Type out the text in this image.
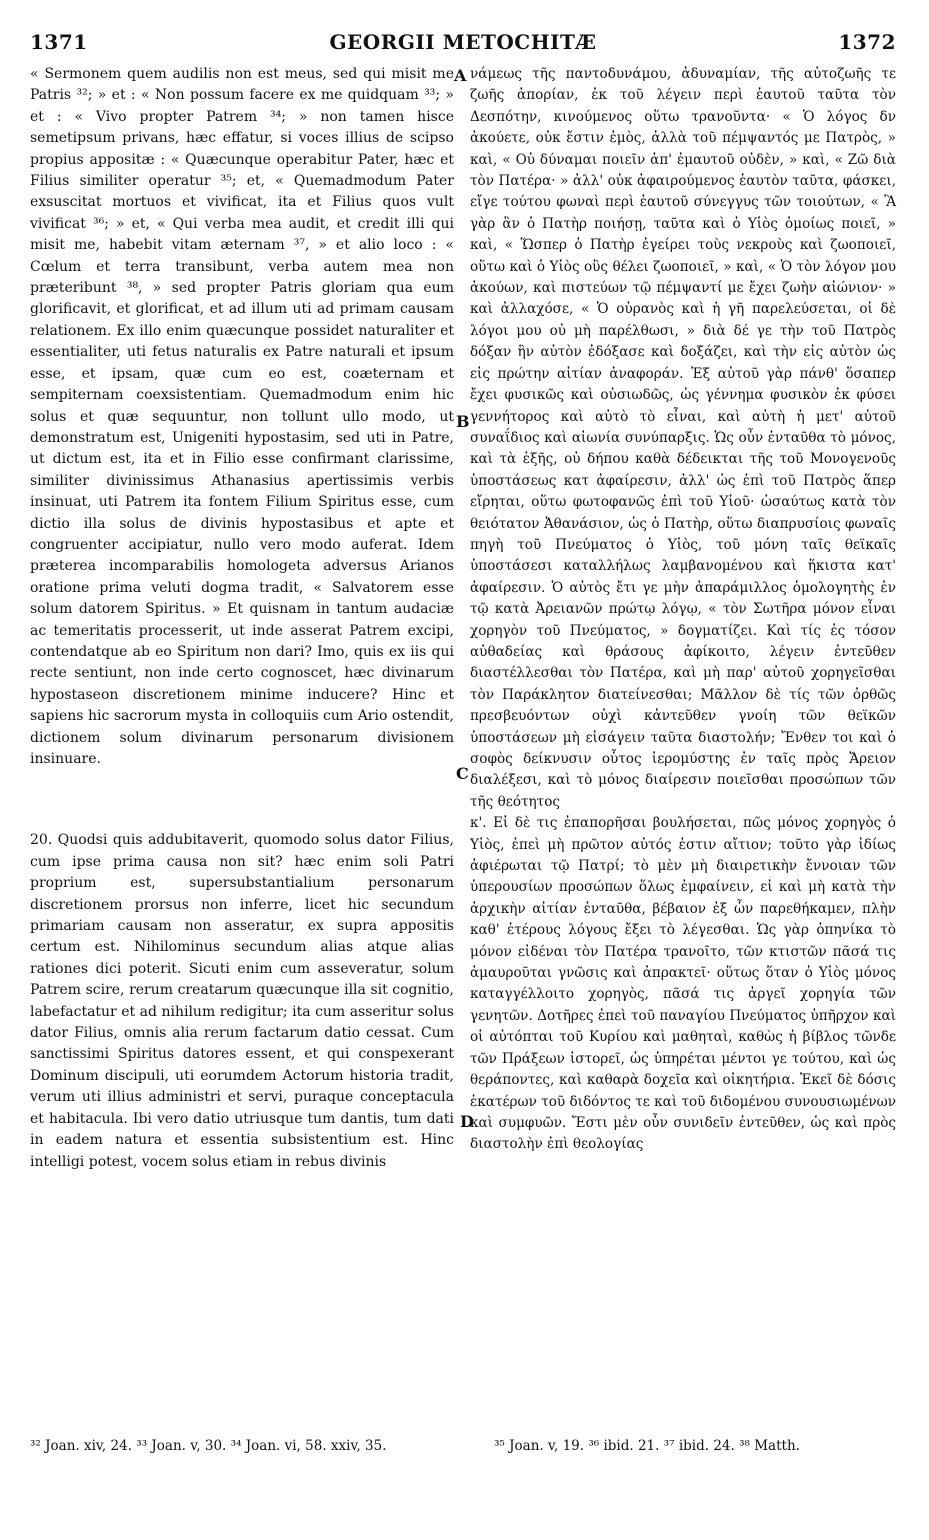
1371	GEORGII METOCHITÆ	1372

« Sermonem quem audilis non est meus, sed qui misit me Patris ³²; » et : « Non possum facere ex me quidquam ³³; » et : « Vivo propter Patrem ³⁴; » non tamen hisce semetipsum privans, hæc effatur, si voces illius de scipso propius appositæ : « Quæcunque operabitur Pater, hæc et Filius similiter operatur ³⁵; et, « Quemadmodum Pater exsuscitat mortuos et vivificat, ita et Filius quos vult vivificat ³⁶; » et, « Qui verba mea audit, et credit illi qui misit me, habebit vitam æternam ³⁷, » et alio loco : « Cœlum et terra transibunt, verba autem mea non præteribunt ³⁸, » sed propter Patris gloriam qua eum glorificavit, et glorificat, et ad illum uti ad primam causam relationem. Ex illo enim quæcunque possidet naturaliter et essentialiter, uti fetus naturalis ex Patre naturali et ipsum esse, et ipsam, quæ cum eo est, coæternam et sempiternam coexsistentiam. Quemadmodum enim hic solus et quæ sequuntur, non tollunt ullo modo, ut demonstratum est, Unigeniti hypostasim, sed uti in Patre, ut dictum est, ita et in Filio esse confirmant clarissime, similiter divinissimus Athanasius apertissimis verbis insinuat, uti Patrem ita fontem Filium Spiritus esse, cum dictio illa solus de divinis hypostasibus et apte et congruenter accipiatur, nullo vero modo auferat. Idem præterea incomparabilis homologeta adversus Arianos oratione prima veluti dogma tradit, « Salvatorem esse solum datorem Spiritus. » Et quisnam in tantum audaciæ ac temeritatis processerit, ut inde asserat Patrem excipi, contendatque ab eo Spiritum non dari? Imo, quis ex iis qui recte sentiunt, non inde certo cognoscet, hæc divinarum hypostaseon discretionem minime inducere? Hinc et sapiens hic sacrorum mysta in colloquiis cum Ario ostendit, dictionem solum divinarum personarum divisionem insinuare.

20. Quodsi quis addubitaverit, quomodo solus dator Filius, cum ipse prima causa non sit? hæc enim soli Patri proprium est, supersubstantialium personarum discretionem prorsus non inferre, licet hic secundum primariam causam non asseratur, ex supra appositis certum est. Nihilominus secundum alias atque alias rationes dici poterit. Sicuti enim cum asseveratur, solum Patrem scire, rerum creatarum quæcunque illa sit cognitio, labefactatur et ad nihilum redigitur; ita cum asseritur solus dator Filius, omnis alia rerum factarum datio cessat. Cum sanctissimi Spiritus datores essent, et qui conspexerant Dominum discipuli, uti eorumdem Actorum historia tradit, verum uti illius administri et servi, puraque conceptacula et habitacula. Ibi vero datio utriusque tum dantis, tum dati in eadem natura et essentia subsistentium est. Hinc intelligi potest, vocem solus etiam in rebus divinis

A
B
C
D

νάμεως τῆς παντοδυνάμου, ἀδυναμίαν, τῆς αὐτοζωῆς τε ζωῆς ἀπορίαν, ἐκ τοῦ λέγειν περὶ ἑαυτοῦ ταῦτα τὸν Δεσπότην, κινούμενος οὕτω τρανοῦντα· « Ὁ λόγος δν ἀκούετε, οὐκ ἔστιν ἐμὸς, ἀλλὰ τοῦ πέμψαντός με Πατρὸς, » καὶ, « Οὐ δύναμαι ποιεῖν ἀπ' ἐμαυτοῦ οὐδὲν, » καὶ, « Ζῶ διὰ τὸν Πατέρα· » ἀλλ' οὐκ ἀφαιρούμενος ἑαυτὸν ταῦτα, φάσκει, εἴγε τούτου φωναὶ περὶ ἑαυτοῦ σύνεγγυς τῶν τοιούτων, « Ἃ γὰρ ἂν ὁ Πατὴρ ποιήσῃ, ταῦτα καὶ ὁ Υἱὸς ὁμοίως ποιεῖ, » καὶ, « Ὥσπερ ὁ Πατὴρ ἐγείρει τοὺς νεκροὺς καὶ ζωοποιεῖ, οὕτω καὶ ὁ Υἱὸς οὓς θέλει ζωοποιεῖ, » καὶ, « Ὁ τὸν λόγον μου ἀκούων, καὶ πιστεύων τῷ πέμψαντί με ἔχει ζωὴν αἰώνιον· » καὶ ἀλλαχόσε, « Ὁ οὐρανὸς καὶ ἡ γῆ παρελεύσεται, οἱ δὲ λόγοι μου οὐ μὴ παρέλθωσι, » διὰ δέ γε τὴν τοῦ Πατρὸς δόξαν ἣν αὐτὸν ἐδόξασε καὶ δοξάζει, καὶ τὴν εἰς αὐτὸν ὡς εἰς πρώτην αἰτίαν ἀναφοράν. Ἐξ αὐτοῦ γὰρ πάνθ' ὅσαπερ ἔχει φυσικῶς καὶ οὐσιωδῶς, ὡς γέννημα φυσικὸν ἐκ φύσει γεννήτορος καὶ αὐτὸ τὸ εἶναι, καὶ αὐτὴ ἡ μετ' αὐτοῦ συναΐδιος καὶ αἰωνία συνύπαρξις. Ὡς οὖν ἐνταῦθα τὸ μόνος, καὶ τὰ ἑξῆς, οὐ δήπου καθὰ δέδεικται τῆς τοῦ Μονογενοῦς ὑποστάσεως κατ ἀφαίρεσιν, ἀλλ' ὡς ἐπὶ τοῦ Πατρὸς ἅπερ εἴρηται, οὕτω φωτοφανῶς ἐπὶ τοῦ Υἱοῦ· ὡσαύτως κατὰ τὸν θειότατον Ἀθανάσιον, ὡς ὁ Πατὴρ, οὕτω διαπρυσίοις φωναῖς πηγὴ τοῦ Πνεύματος ὁ Υἱὸς, τοῦ μόνη ταῖς θεϊκαῖς ὑποστάσεσι καταλλήλως λαμβανομένου καὶ ἥκιστα κατ' ἀφαίρεσιν. Ὁ αὐτὸς ἔτι γε μὴν ἀπαράμιλλος ὁμολογητὴς ἐν τῷ κατὰ Ἀρειανῶν πρώτῳ λόγῳ, « τὸν Σωτῆρα μόνον εἶναι χορηγὸν τοῦ Πνεύματος, » δογματίζει. Καὶ τίς ἐς τόσον αὐθαδείας καὶ θράσους ἀφίκοιτο, λέγειν ἐντεῦθεν διαστέλλεσθαι τὸν Πατέρα, καὶ μὴ παρ' αὐτοῦ χορηγεῖσθαι τὸν Παράκλητον διατείνεσθαι; Μᾶλλον δὲ τίς τῶν ὀρθῶς πρεσβευόντων οὐχὶ κἀντεῦθεν γνοίη τῶν θεϊκῶν ὑποστάσεων μὴ εἰσάγειν ταῦτα διαστολήν; Ἔνθεν τοι καὶ ὁ σοφὸς δείκνυσιν οὗτος ἱερομύστης ἐν ταῖς πρὸς Ἄρειον διαλέξεσι, καὶ τὸ μόνος διαίρεσιν ποιεῖσθαι προσώπων τῶν τῆς θεότητος

κ'. Εἰ δὲ τις ἐπαπορῆσαι βουλήσεται, πῶς μόνος χορηγὸς ὁ Υἱὸς, ἐπεὶ μὴ πρῶτον αὐτός ἐστιν αἴτιον; τοῦτο γὰρ ἰδίως ἀφιέρωται τῷ Πατρί; τὸ μὲν μὴ διαιρετικὴν ἔννοιαν τῶν ὑπερουσίων προσώπων ὅλως ἐμφαίνειν, εἰ καὶ μὴ κατὰ τὴν ἀρχικὴν αἰτίαν ἐνταῦθα, βέβαιον ἐξ ὧν παρεθήκαμεν, πλὴν καθ' ἑτέρους λόγους ἔξει τὸ λέγεσθαι. Ὡς γὰρ ὁπηνίκα τὸ μόνον εἰδέναι τὸν Πατέρα τρανοῖτο, τῶν κτιστῶν πᾶσά τις ἀμαυροῦται γνῶσις καὶ ἀπρακτεῖ· οὕτως ὅταν ὁ Υἱὸς μόνος καταγγέλλοιτο χορηγὸς, πᾶσά τις ἀργεῖ χορηγία τῶν γενητῶν. Δοτῆρες ἐπεὶ τοῦ παναγίου Πνεύματος ὑπῆρχον καὶ οἱ αὐτόπται τοῦ Κυρίου καὶ μαθηταὶ, καθὼς ἡ βίβλος τῶνδε τῶν Πράξεων ἱστορεῖ, ὡς ὑπηρέται μέντοι γε τούτου, καὶ ὡς θεράποντες, καὶ καθαρὰ δοχεῖα καὶ οἰκητήρια. Ἐκεῖ δὲ δόσις ἑκατέρων τοῦ διδόντος τε καὶ τοῦ διδομένου συνουσιωμένων καὶ συμφυῶν. Ἔστι μὲν οὖν συνιδεῖν ἐντεῦθεν, ὡς καὶ πρὸς διαστολὴν ἐπὶ θεολογίας

³² Joan. xiv, 24. ³³ Joan. v, 30. ³⁴ Joan. vi, 58. xxiv, 35.	³⁵ Joan. v, 19. ³⁶ ibid. 21. ³⁷ ibid. 24. ³⁸ Matth.
